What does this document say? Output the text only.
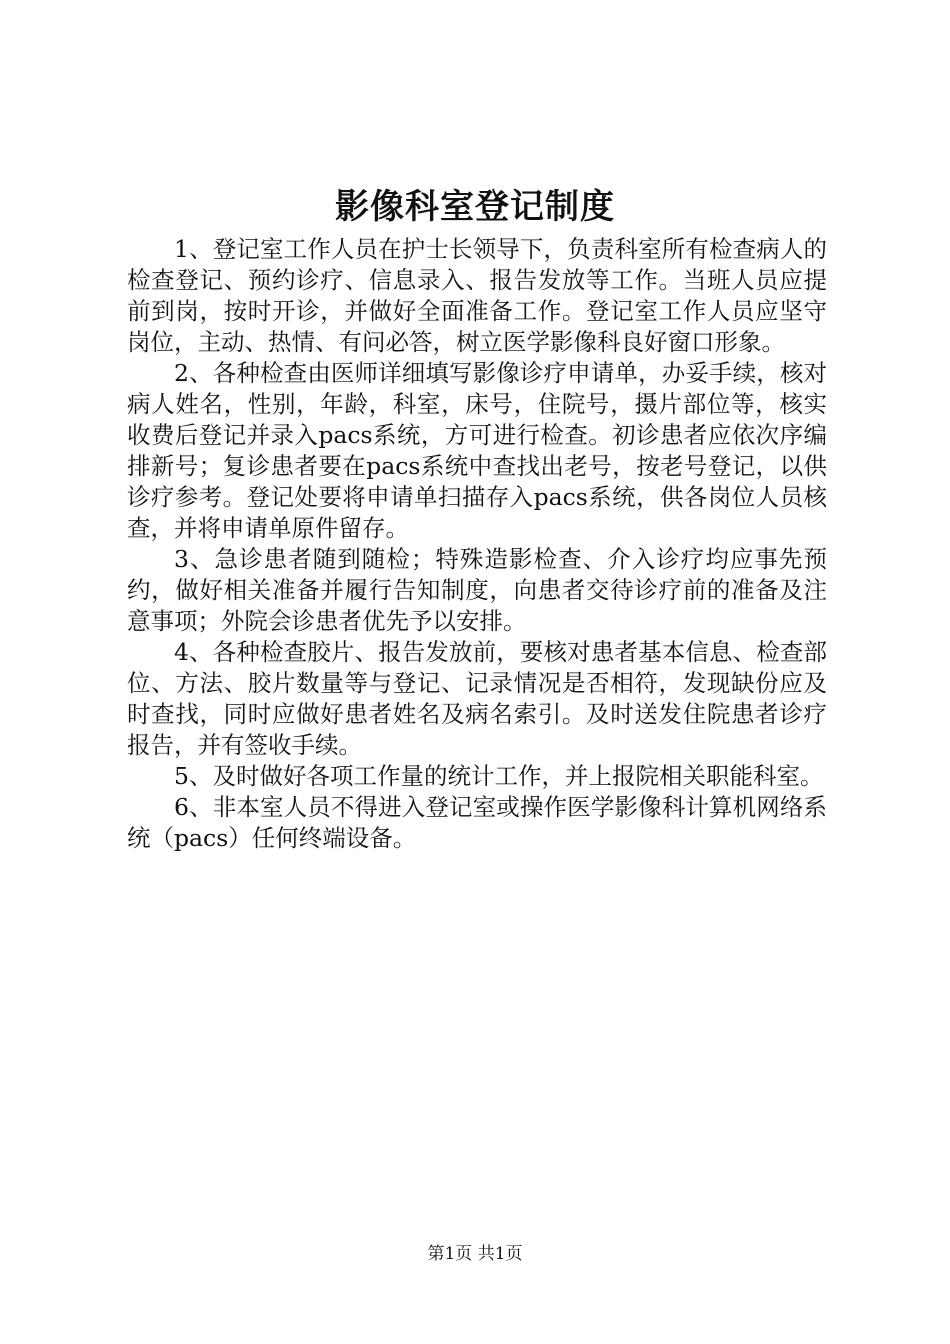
影像科室登记制度

1、登记室工作人员在护士长领导下，负责科室所有检查病人的检查登记、预约诊疗、信息录入、报告发放等工作。当班人员应提前到岗，按时开诊，并做好全面准备工作。登记室工作人员应坚守岗位，主动、热情、有问必答，树立医学影像科良好窗口形象。

2、各种检查由医师详细填写影像诊疗申请单，办妥手续，核对病人姓名，性别，年龄，科室，床号，住院号，摄片部位等，核实收费后登记并录入pacs系统，方可进行检查。初诊患者应依次序编排新号；复诊患者要在pacs系统中查找出老号，按老号登记，以供诊疗参考。登记处要将申请单扫描存入pacs系统，供各岗位人员核查，并将申请单原件留存。

3、急诊患者随到随检；特殊造影检查、介入诊疗均应事先预约，做好相关准备并履行告知制度，向患者交待诊疗前的准备及注意事项；外院会诊患者优先予以安排。

4、各种检查胶片、报告发放前，要核对患者基本信息、检查部位、方法、胶片数量等与登记、记录情况是否相符，发现缺份应及时查找，同时应做好患者姓名及病名索引。及时送发住院患者诊疗报告，并有签收手续。

5、及时做好各项工作量的统计工作，并上报院相关职能科室。

6、非本室人员不得进入登记室或操作医学影像科计算机网络系统（pacs）任何终端设备。

第1页 共1页
